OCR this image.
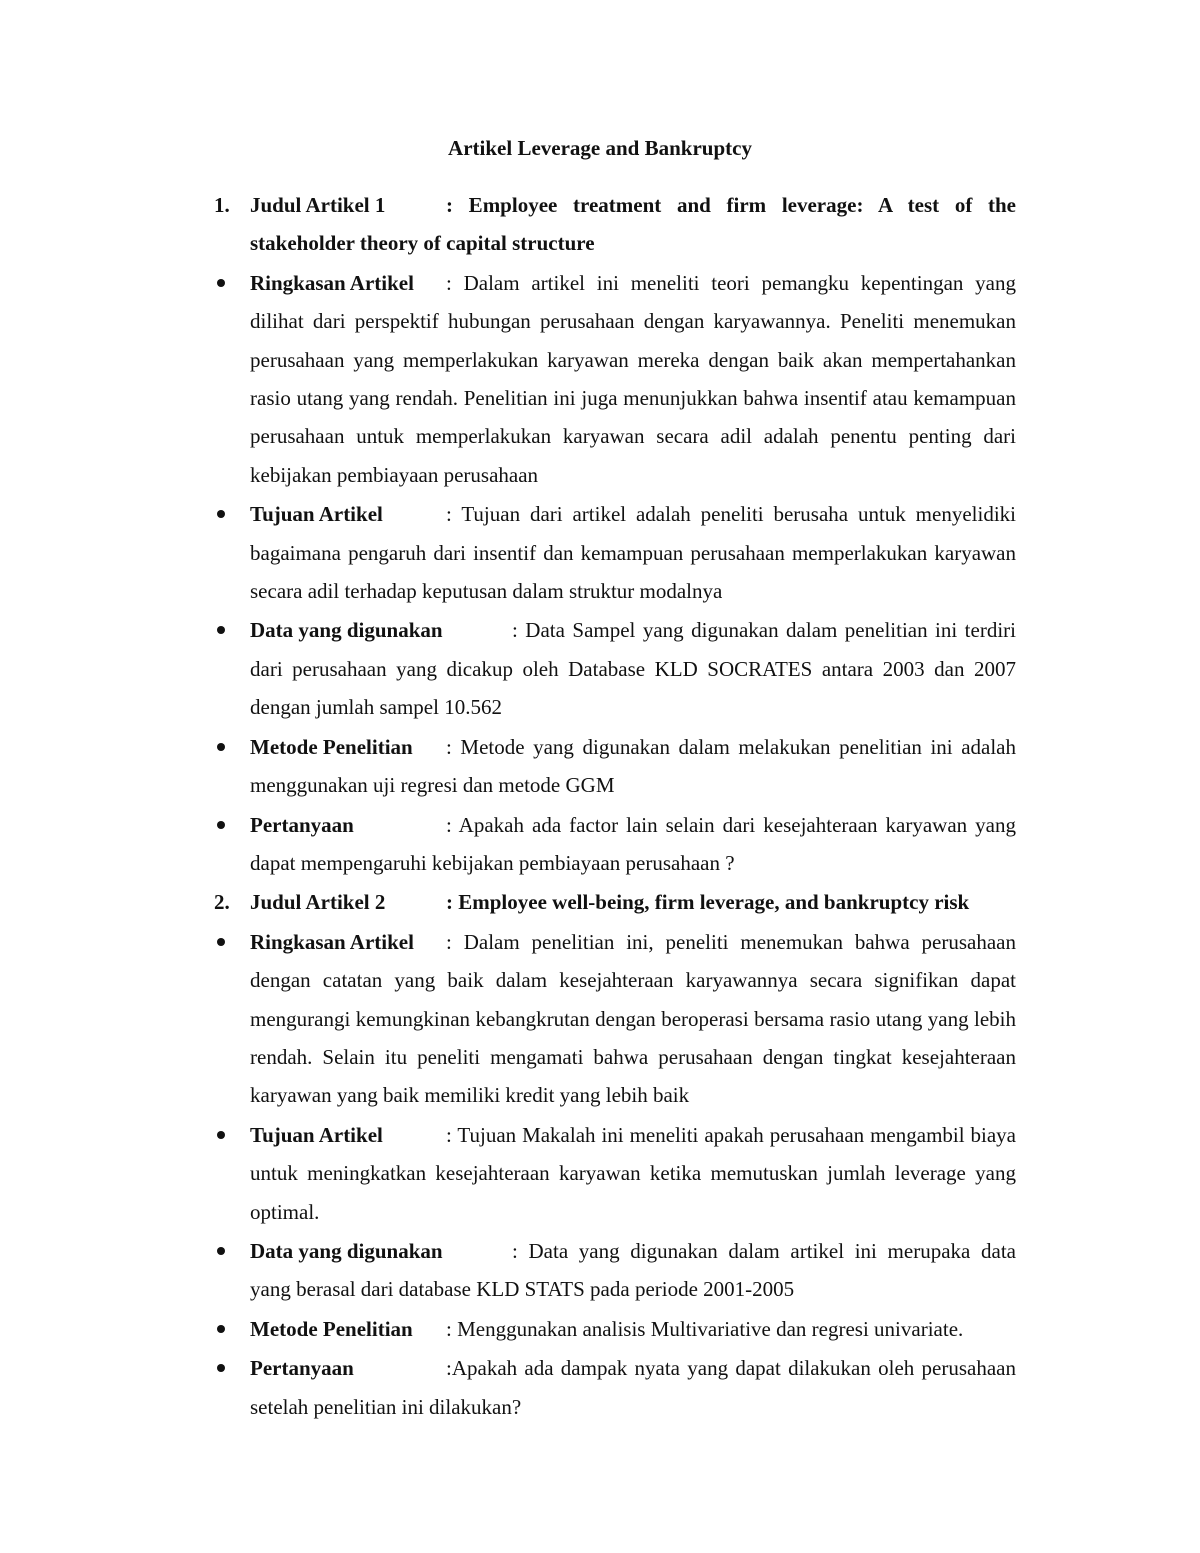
Artikel Leverage and Bankruptcy
1. Judul Artikel 1	: Employee treatment and firm leverage: A test of the stakeholder theory of capital structure
Ringkasan Artikel : Dalam artikel ini meneliti teori pemangku kepentingan yang dilihat dari perspektif hubungan perusahaan dengan karyawannya. Peneliti menemukan perusahaan yang memperlakukan karyawan mereka dengan baik akan mempertahankan rasio utang yang rendah. Penelitian ini juga menunjukkan bahwa insentif atau kemampuan perusahaan untuk memperlakukan karyawan secara adil adalah penentu penting dari kebijakan pembiayaan perusahaan
Tujuan Artikel	: Tujuan dari artikel adalah peneliti berusaha untuk menyelidiki bagaimana pengaruh dari insentif dan kemampuan perusahaan memperlakukan karyawan secara adil terhadap keputusan dalam struktur modalnya
Data yang digunakan	: Data Sampel yang digunakan dalam penelitian ini terdiri dari perusahaan yang dicakup oleh Database KLD SOCRATES antara 2003 dan 2007 dengan jumlah sampel 10.562
Metode Penelitian : Metode yang digunakan dalam melakukan penelitian ini adalah menggunakan uji regresi dan metode GGM
Pertanyaan	: Apakah ada factor lain selain dari kesejahteraan karyawan yang dapat mempengaruhi kebijakan pembiayaan perusahaan ?
2. Judul Artikel 2	: Employee well-being, firm leverage, and bankruptcy risk
Ringkasan Artikel : Dalam penelitian ini, peneliti menemukan bahwa perusahaan dengan catatan yang baik dalam kesejahteraan karyawannya secara signifikan dapat mengurangi kemungkinan kebangkrutan dengan beroperasi bersama rasio utang yang lebih rendah. Selain itu peneliti mengamati bahwa perusahaan dengan tingkat kesejahteraan karyawan yang baik memiliki kredit yang lebih baik
Tujuan Artikel	: Tujuan Makalah ini meneliti apakah perusahaan mengambil biaya untuk meningkatkan kesejahteraan karyawan ketika memutuskan jumlah leverage yang optimal.
Data yang digunakan	: Data yang digunakan dalam artikel ini merupaka data yang berasal dari database KLD STATS pada periode 2001-2005
Metode Penelitian : Menggunakan analisis Multivariative dan regresi univariate.
Pertanyaan	:Apakah ada dampak nyata yang dapat dilakukan oleh perusahaan setelah penelitian ini dilakukan?
